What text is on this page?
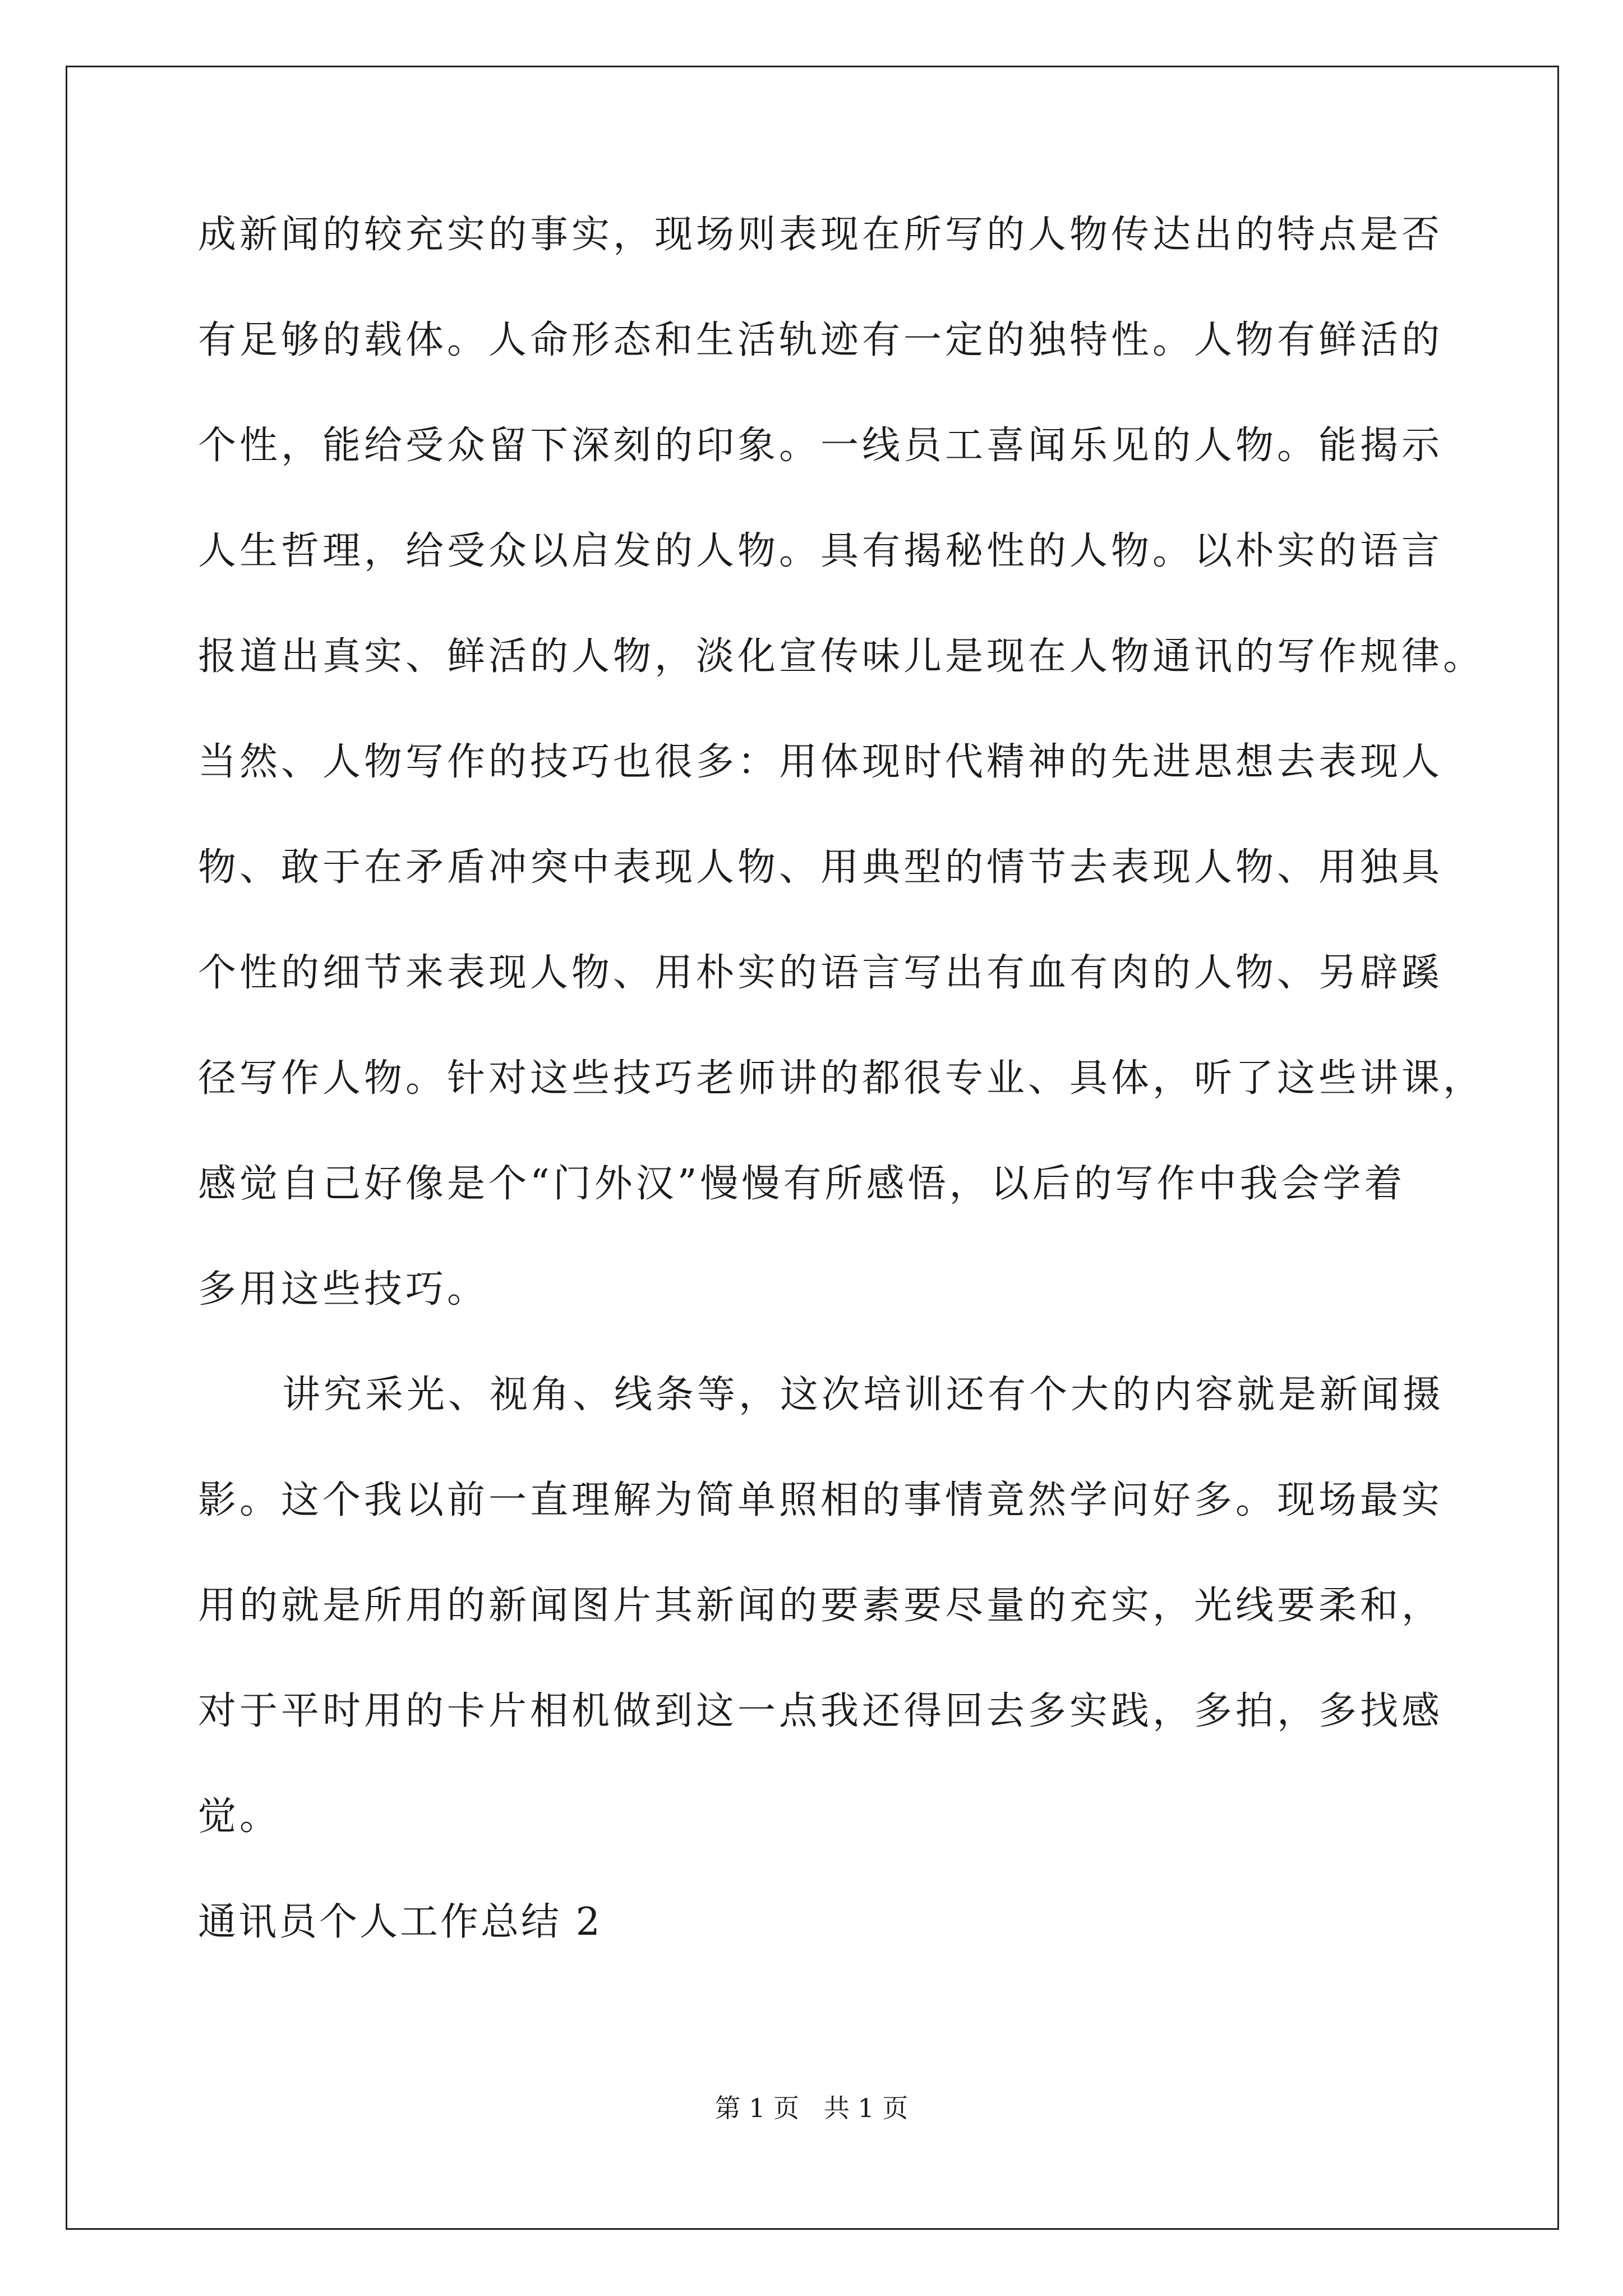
成新闻的较充实的事实，现场则表现在所写的人物传达出的特点是否
有足够的载体。人命形态和生活轨迹有一定的独特性。人物有鲜活的
个性，能给受众留下深刻的印象。一线员工喜闻乐见的人物。能揭示
人生哲理，给受众以启发的人物。具有揭秘性的人物。以朴实的语言
报道出真实、鲜活的人物，淡化宣传味儿是现在人物通讯的写作规律。
当然、人物写作的技巧也很多：用体现时代精神的先进思想去表现人
物、敢于在矛盾冲突中表现人物、用典型的情节去表现人物、用独具
个性的细节来表现人物、用朴实的语言写出有血有肉的人物、另辟蹊
径写作人物。针对这些技巧老师讲的都很专业、具体，听了这些讲课，
感觉自己好像是个“门外汉”慢慢有所感悟，以后的写作中我会学着
多用这些技巧。
讲究采光、视角、线条等，这次培训还有个大的内容就是新闻摄
影。这个我以前一直理解为简单照相的事情竟然学问好多。现场最实
用的就是所用的新闻图片其新闻的要素要尽量的充实，光线要柔和，
对于平时用的卡片相机做到这一点我还得回去多实践，多拍，多找感
觉。
通讯员个人工作总结 2
第 1 页   共 1 页
